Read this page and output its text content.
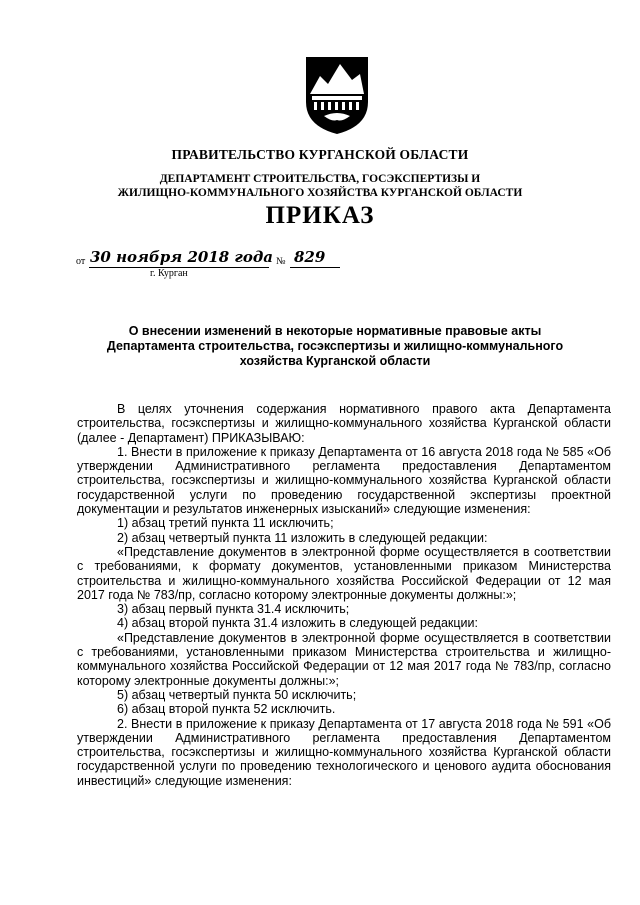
ПРАВИТЕЛЬСТВО КУРГАНСКОЙ ОБЛАСТИ
ДЕПАРТАМЕНТ СТРОИТЕЛЬСТВА, ГОСЭКСПЕРТИЗЫ И
ЖИЛИЩНО-КОММУНАЛЬНОГО ХОЗЯЙСТВА КУРГАНСКОЙ ОБЛАСТИ
ПРИКАЗ
от 30 ноября 2018 года № 829
г. Курган
О внесении изменений в некоторые нормативные правовые акты
Департамента строительства, госэкспертизы и жилищно-коммунального
хозяйства Курганской области

В целях уточнения содержания нормативного правого акта Департамента строительства, госэкспертизы и жилищно-коммунального хозяйства Курганской области (далее - Департамент) ПРИКАЗЫВАЮ:

1. Внести в приложение к приказу Департамента от 16 августа 2018 года № 585 «Об утверждении Административного регламента предоставления Департаментом строительства, госэкспертизы и жилищно-коммунального хозяйства Курганской области государственной услуги по проведению государственной экспертизы проектной документации и результатов инженерных изысканий» следующие изменения:

1) абзац третий пункта 11 исключить;

2) абзац четвертый пункта 11 изложить в следующей редакции:

«Представление документов в электронной форме осуществляется в соответствии с требованиями, к формату документов, установленными приказом Министерства строительства и жилищно-коммунального хозяйства Российской Федерации от 12 мая 2017 года № 783/пр, согласно которому электронные документы должны:»;

3) абзац первый пункта 31.4 исключить;

4) абзац второй пункта 31.4 изложить в следующей редакции:

«Представление документов в электронной форме осуществляется в соответствии с требованиями, установленными приказом Министерства строительства и жилищно-коммунального хозяйства Российской Федерации от 12 мая 2017 года № 783/пр, согласно которому электронные документы должны:»;

5) абзац четвертый пункта 50 исключить;

6) абзац второй пункта 52 исключить.

2. Внести в приложение к приказу Департамента от 17 августа 2018 года № 591 «Об утверждении Административного регламента предоставления Департаментом строительства, госэкспертизы и жилищно-коммунального хозяйства Курганской области государственной услуги по проведению технологического и ценового аудита обоснования инвестиций» следующие изменения:
